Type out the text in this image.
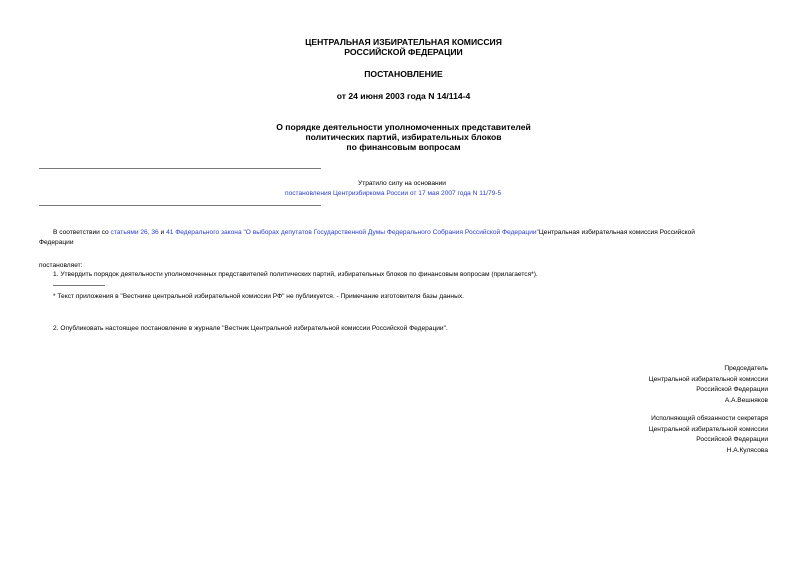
ЦЕНТРАЛЬНАЯ ИЗБИРАТЕЛЬНАЯ КОМИССИЯ
РОССИЙСКОЙ ФЕДЕРАЦИИ
ПОСТАНОВЛЕНИЕ
от 24 июня 2003 года N 14/114-4
О порядке деятельности уполномоченных представителей
политических партий, избирательных блоков
по финансовым вопросам
Утратило силу на основании
постановления Центризбиркома России от 17 мая 2007 года N 11/79-5
В соответствии со статьями 26, 36 и 41 Федерального закона "О выборах депутатов Государственной Думы Федерального Собрания Российской Федерации"Центральная избирательная комиссия Российской
Федерации
постановляет:
1. Утвердить порядок деятельности уполномоченных представителей политических партий, избирательных блоков по финансовым вопросам (прилагается*).
* Текст приложения в "Вестнике центральной избирательной комиссии РФ" не публикуется. - Примечание изготовителя базы данных.
2. Опубликовать настоящее постановление в журнале "Вестник Центральной избирательной комиссии Российской Федерации".
Председатель
Центральной избирательной комиссии
Российской Федерации
А.А.Вешняков
Исполняющий обязанности секретаря
Центральной избирательной комиссии
Российской Федерации
Н.А.Кулясова
